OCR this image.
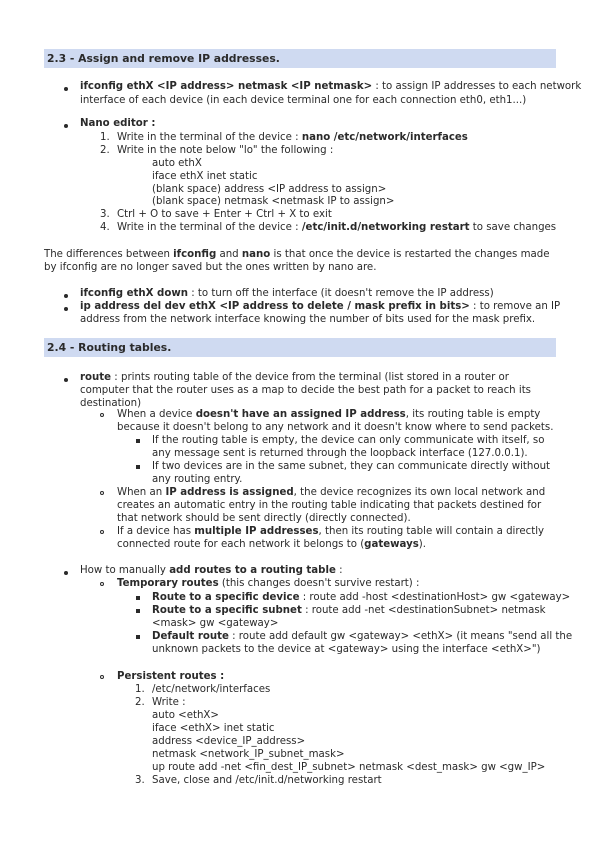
2.3 - Assign and remove IP addresses.
ifconfig ethX <IP address> netmask <IP netmask> : to assign IP addresses to each network
interface of each device (in each device terminal one for each connection eth0, eth1...)
Nano editor :
1. Write in the terminal of the device : nano /etc/network/interfaces
2. Write in the note below "lo" the following :
auto ethX
iface ethX inet static
(blank space) address <IP address to assign>
(blank space) netmask <netmask IP to assign>
3. Ctrl + O to save + Enter + Ctrl + X to exit
4. Write in the terminal of the device : /etc/init.d/networking restart to save changes
The differences between ifconfig and nano is that once the device is restarted the changes made
by ifconfig are no longer saved but the ones written by nano are.
ifconfig ethX down : to turn off the interface (it doesn't remove the IP address)
ip address del dev ethX <IP address to delete / mask prefix in bits> : to remove an IP
address from the network interface knowing the number of bits used for the mask prefix.
2.4 - Routing tables.
route : prints routing table of the device from the terminal (list stored in a router or
computer that the router uses as a map to decide the best path for a packet to reach its
destination)
When a device doesn't have an assigned IP address, its routing table is empty
because it doesn't belong to any network and it doesn't know where to send packets.
If the routing table is empty, the device can only communicate with itself, so
any message sent is returned through the loopback interface (127.0.0.1).
If two devices are in the same subnet, they can communicate directly without
any routing entry.
When an IP address is assigned, the device recognizes its own local network and
creates an automatic entry in the routing table indicating that packets destined for
that network should be sent directly (directly connected).
If a device has multiple IP addresses, then its routing table will contain a directly
connected route for each network it belongs to (gateways).
How to manually add routes to a routing table :
Temporary routes (this changes doesn't survive restart) :
Route to a specific device : route add -host <destinationHost> gw <gateway>
Route to a specific subnet : route add -net <destinationSubnet> netmask
<mask> gw <gateway>
Default route : route add default gw <gateway> <ethX> (it means "send all the
unknown packets to the device at <gateway> using the interface <ethX>")
Persistent routes :
1. /etc/network/interfaces
2. Write :
auto <ethX>
iface <ethX> inet static
address <device_IP_address>
netmask <network_IP_subnet_mask>
up route add -net <fin_dest_IP_subnet> netmask <dest_mask> gw <gw_IP>
3. Save, close and /etc/init.d/networking restart
